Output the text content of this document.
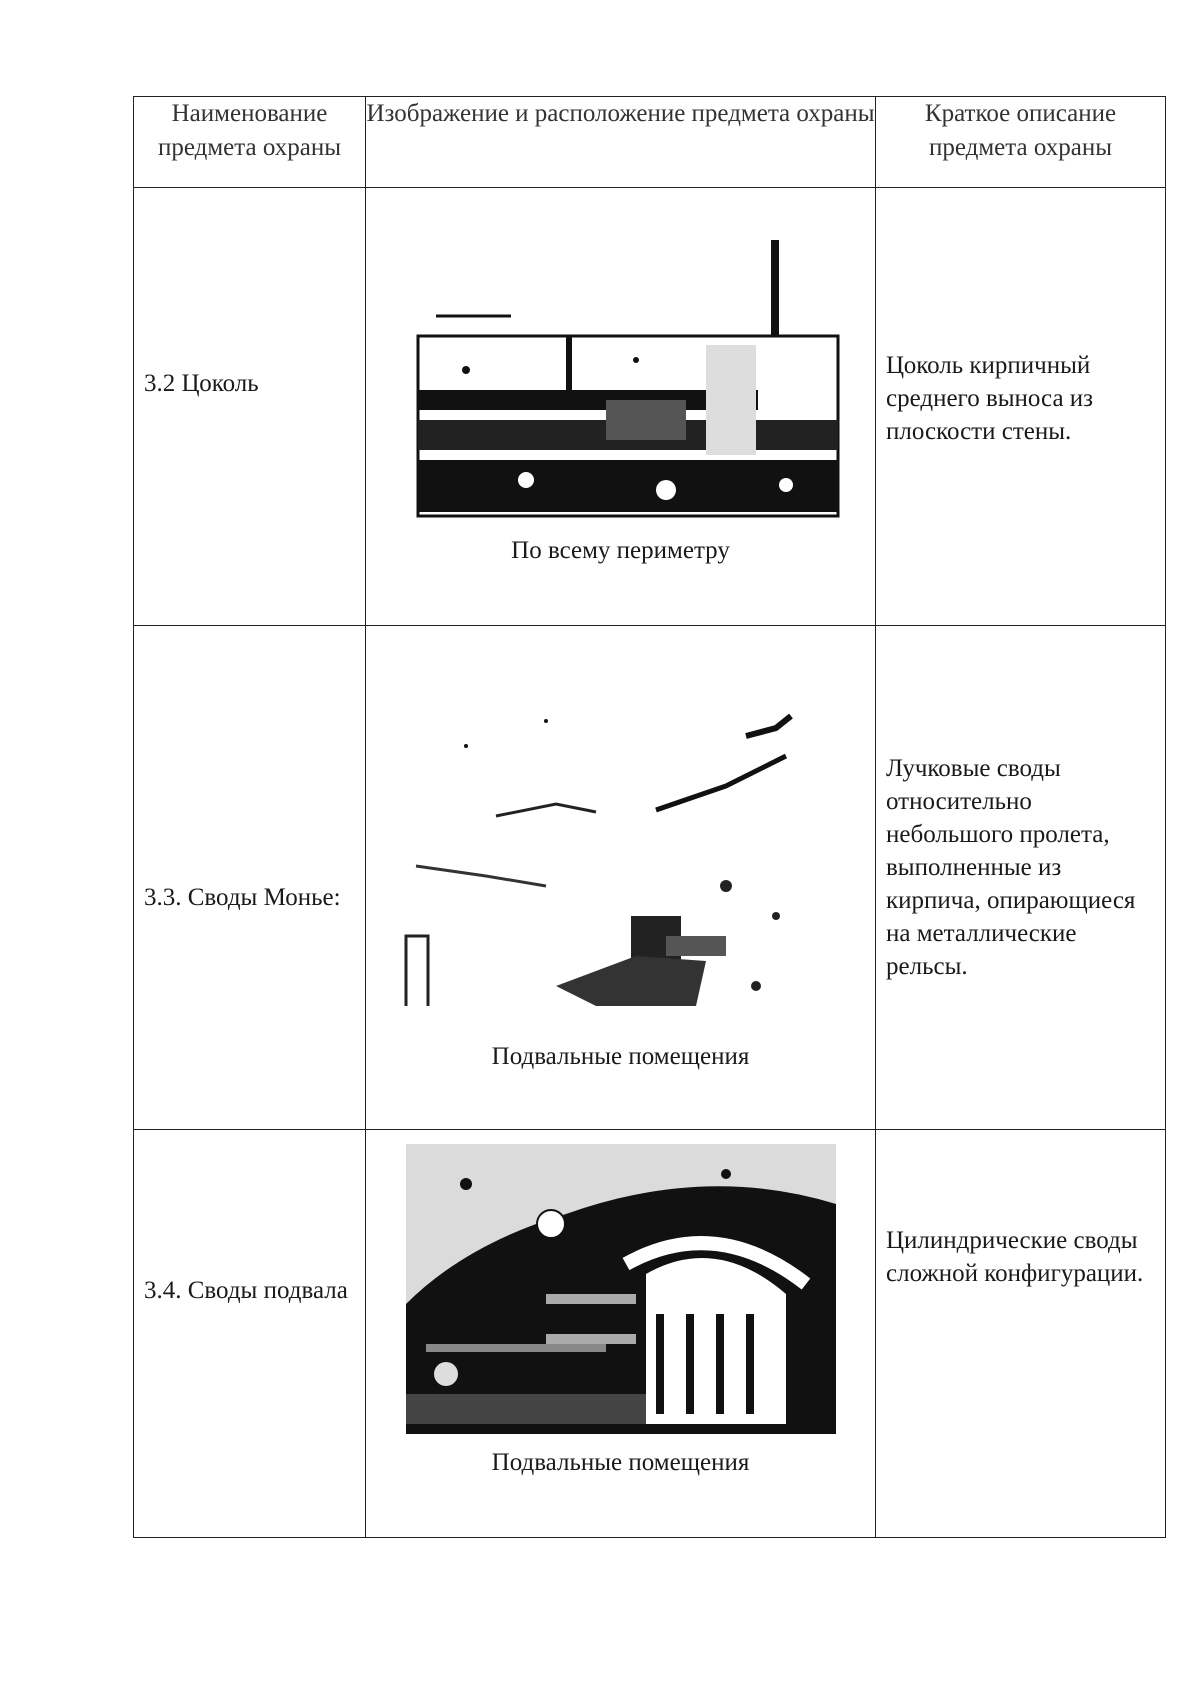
Наименование предмета охраны	Изображение и расположение предмета охраны	Краткое описание предмета охраны

3.2 Цоколь	По всему периметру	Цоколь кирпичный среднего выноса из плоскости стены.

3.3. Своды Монье:	Подвальные помещения	Лучковые своды относительно небольшого пролета, выполненные из кирпича, опирающиеся на металлические рельсы.

3.4. Своды подвала	Подвальные помещения	Цилиндрические своды сложной конфигурации.
